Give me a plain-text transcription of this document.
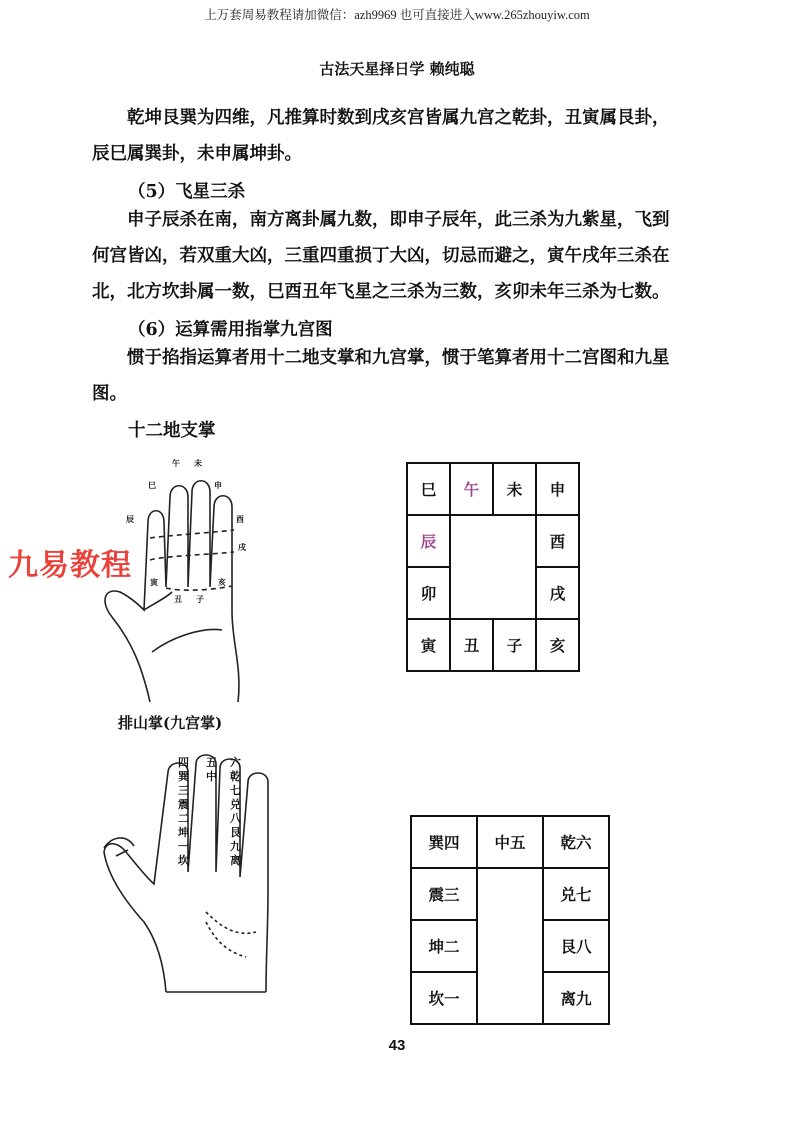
上万套周易教程请加微信：azh9969 也可直接进入www.265zhouyiw.com
古法天星择日学 赖纯聪
乾坤艮巽为四维，凡推算时数到戌亥宫皆属九宫之乾卦，丑寅属艮卦，
辰巳属巽卦，未申属坤卦。
（5）飞星三杀
申子辰杀在南，南方离卦属九数，即申子辰年，此三杀为九紫星，飞到
何宫皆凶，若双重大凶，三重四重损丁大凶，切忌而避之，寅午戌年三杀在
北，北方坎卦属一数，巳酉丑年飞星之三杀为三数，亥卯未年三杀为七数。
（6）运算需用指掌九宫图
惯于掐指运算者用十二地支掌和九宫掌，惯于笔算者用十二宫图和九星
图。
十二地支掌
午 未
巳	申
辰	酉
戌
寅
丑 子
亥
九易教程
巳	午	未	申
辰			酉
卯			戌
寅	丑	子	亥
排山掌(九宫掌)
四巽三震二坤一坎
五中
六乾七兑八艮九离
巽四	中五	乾六
震三		兑七
坤二		艮八
坎一		离九
43
